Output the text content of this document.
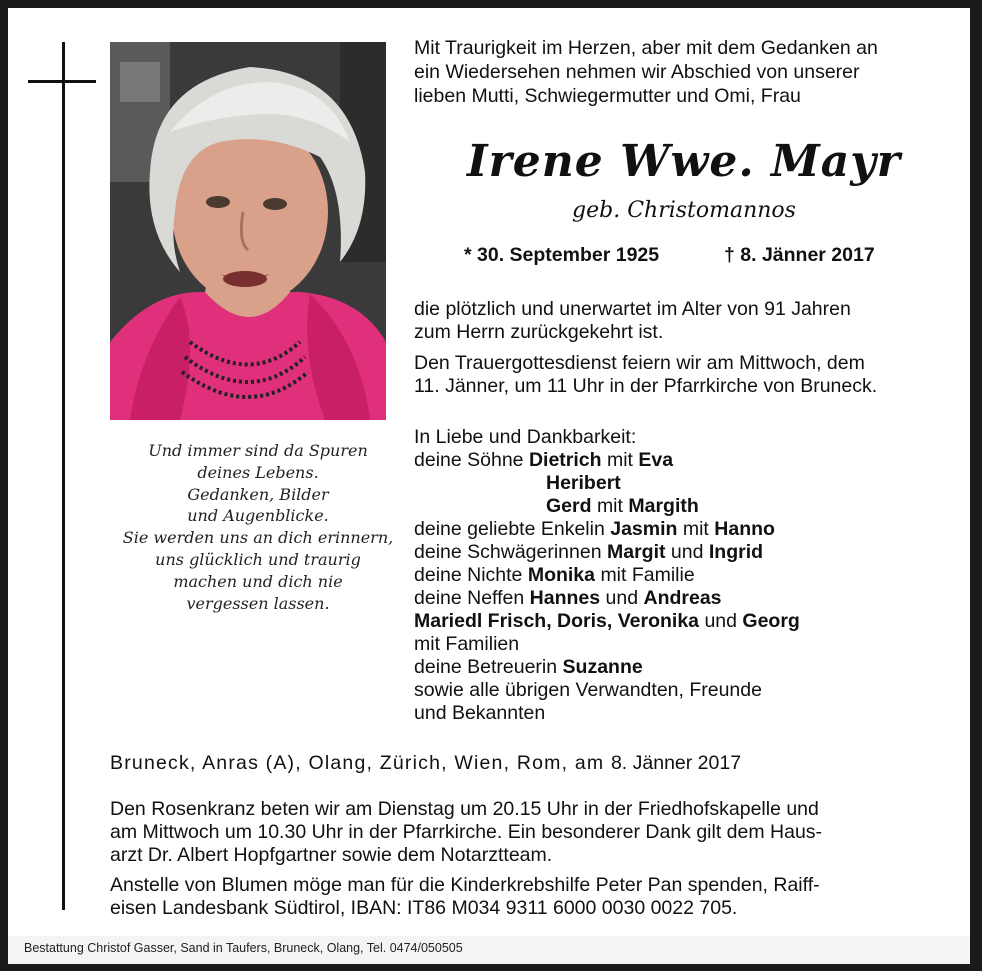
Und immer sind da Spuren
deines Lebens.
Gedanken, Bilder
und Augenblicke.
Sie werden uns an dich erinnern,
uns glücklich und traurig
machen und dich nie
vergessen lassen.
Mit Traurigkeit im Herzen, aber mit dem Gedanken an
ein Wiedersehen nehmen wir Abschied von unserer
lieben Mutti, Schwiegermutter und Omi, Frau
Irene Wwe. Mayr
geb. Christomannos
* 30. September 1925	† 8. Jänner 2017
die plötzlich und unerwartet im Alter von 91 Jahren
zum Herrn zurückgekehrt ist.
Den Trauergottesdienst feiern wir am Mittwoch, dem
11. Jänner, um 11 Uhr in der Pfarrkirche von Bruneck.
In Liebe und Dankbarkeit:
deine Söhne Dietrich mit Eva
Heribert
Gerd mit Margith
deine geliebte Enkelin Jasmin mit Hanno
deine Schwägerinnen Margit und Ingrid
deine Nichte Monika mit Familie
deine Neffen Hannes und Andreas
Mariedl Frisch, Doris, Veronika und Georg
mit Familien
deine Betreuerin Suzanne
sowie alle übrigen Verwandten, Freunde
und Bekannten
Bruneck, Anras (A), Olang, Zürich, Wien, Rom, am 8. Jänner 2017
Den Rosenkranz beten wir am Dienstag um 20.15 Uhr in der Friedhofskapelle und
am Mittwoch um 10.30 Uhr in der Pfarrkirche. Ein besonderer Dank gilt dem Haus-
arzt Dr. Albert Hopfgartner sowie dem Notarztteam.
Anstelle von Blumen möge man für die Kinderkrebshilfe Peter Pan spenden, Raiff-
eisen Landesbank Südtirol, IBAN: IT86 M034 9311 6000 0030 0022 705.
Bestattung Christof Gasser, Sand in Taufers, Bruneck, Olang, Tel. 0474/050505
